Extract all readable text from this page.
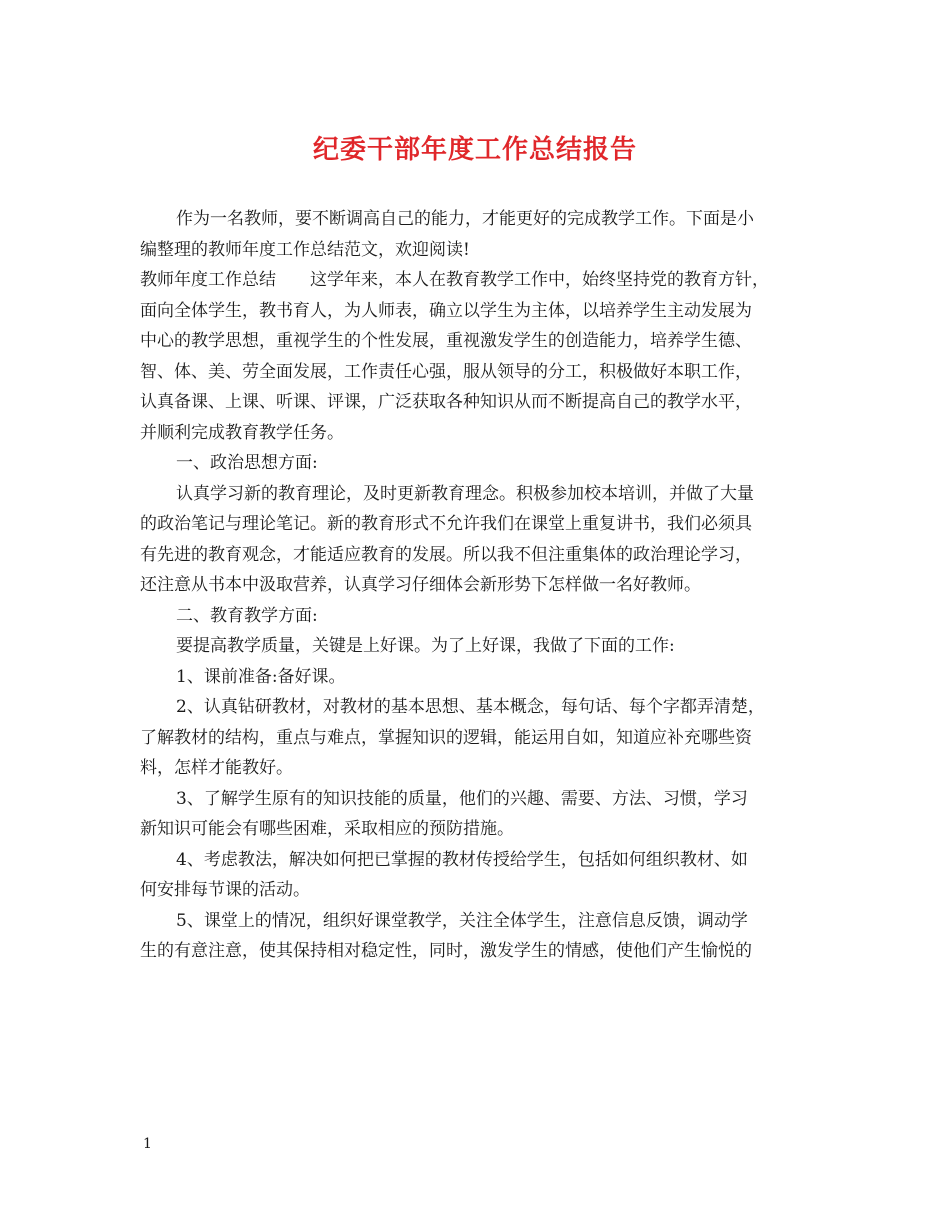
纪委干部年度工作总结报告

作为一名教师，要不断调高自己的能力，才能更好的完成教学工作。下面是小

编整理的教师年度工作总结范文，欢迎阅读!

教师年度工作总结　　这学年来，本人在教育教学工作中，始终坚持党的教育方针，

面向全体学生，教书育人，为人师表，确立以学生为主体，以培养学生主动发展为

中心的教学思想，重视学生的个性发展，重视激发学生的创造能力，培养学生德、

智、体、美、劳全面发展，工作责任心强，服从领导的分工，积极做好本职工作，

认真备课、上课、听课、评课，广泛获取各种知识从而不断提高自己的教学水平，

并顺利完成教育教学任务。

一、政治思想方面:

认真学习新的教育理论，及时更新教育理念。积极参加校本培训，并做了大量

的政治笔记与理论笔记。新的教育形式不允许我们在课堂上重复讲书，我们必须具

有先进的教育观念，才能适应教育的发展。所以我不但注重集体的政治理论学习，

还注意从书本中汲取营养，认真学习仔细体会新形势下怎样做一名好教师。

二、教育教学方面:

要提高教学质量，关键是上好课。为了上好课，我做了下面的工作:

1、课前准备:备好课。

2、认真钻研教材，对教材的基本思想、基本概念，每句话、每个字都弄清楚，

了解教材的结构，重点与难点，掌握知识的逻辑，能运用自如，知道应补充哪些资

料，怎样才能教好。

3、了解学生原有的知识技能的质量，他们的兴趣、需要、方法、习惯，学习

新知识可能会有哪些困难，采取相应的预防措施。

4、考虑教法，解决如何把已掌握的教材传授给学生，包括如何组织教材、如

何安排每节课的活动。

5、课堂上的情况，组织好课堂教学，关注全体学生，注意信息反馈，调动学

生的有意注意，使其保持相对稳定性，同时，激发学生的情感，使他们产生愉悦的

1
